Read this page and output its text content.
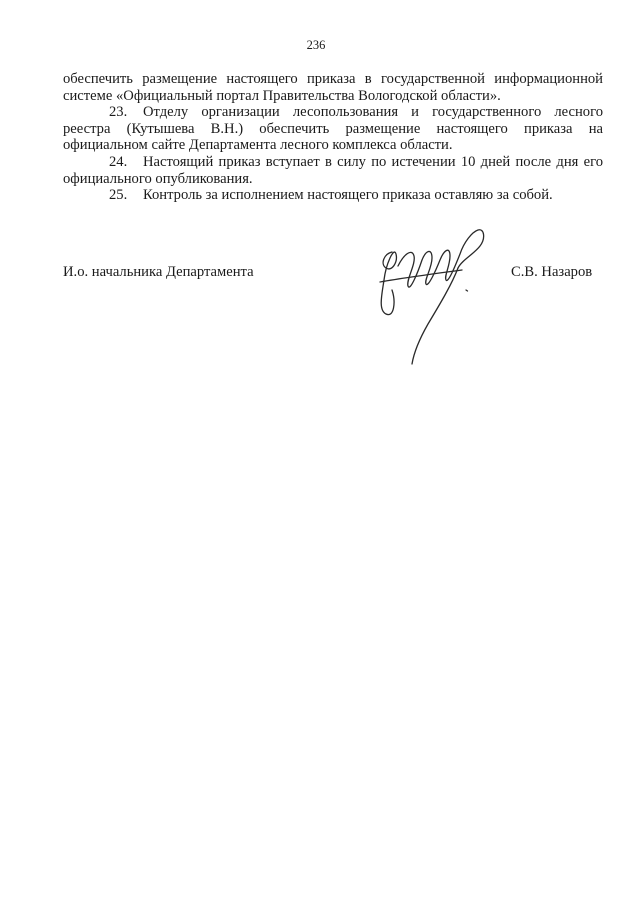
236

обеспечить размещение настоящего приказа в государственной информационной системе «Официальный портал Правительства Вологодской области».

23. Отделу организации лесопользования и государственного лесного реестра (Кутышева В.Н.) обеспечить размещение настоящего приказа на официальном сайте Департамента лесного комплекса области.

24. Настоящий приказ вступает в силу по истечении 10 дней после дня его официального опубликования.

25. Контроль за исполнением настоящего приказа оставляю за собой.

И.о. начальника Департамента	С.В. Назаров
